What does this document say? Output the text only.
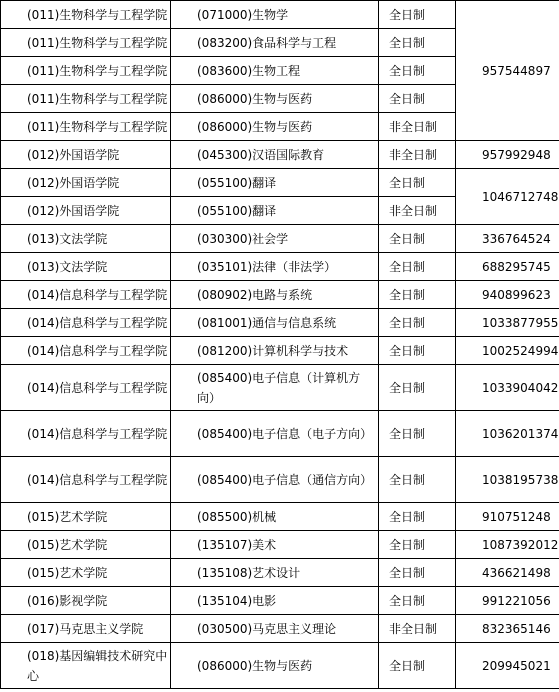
(011)生物科学与工程学院	(071000)生物学	全日制	957544897
(011)生物科学与工程学院	(083200)食品科学与工程	全日制	
(011)生物科学与工程学院	(083600)生物工程	全日制	
(011)生物科学与工程学院	(086000)生物与医药	全日制	
(011)生物科学与工程学院	(086000)生物与医药	非全日制	
(012)外国语学院	(045300)汉语国际教育	非全日制	957992948
(012)外国语学院	(055100)翻译	全日制	1046712748
(012)外国语学院	(055100)翻译	非全日制	
(013)文法学院	(030300)社会学	全日制	336764524
(013)文法学院	(035101)法律（非法学）	全日制	688295745
(014)信息科学与工程学院	(080902)电路与系统	全日制	940899623
(014)信息科学与工程学院	(081001)通信与信息系统	全日制	1033877955
(014)信息科学与工程学院	(081200)计算机科学与技术	全日制	1002524994
(014)信息科学与工程学院	(085400)电子信息（计算机方向）	全日制	1033904042
(014)信息科学与工程学院	(085400)电子信息（电子方向）	全日制	1036201374
(014)信息科学与工程学院	(085400)电子信息（通信方向）	全日制	1038195738
(015)艺术学院	(085500)机械	全日制	910751248
(015)艺术学院	(135107)美术	全日制	1087392012
(015)艺术学院	(135108)艺术设计	全日制	436621498
(016)影视学院	(135104)电影	全日制	991221056
(017)马克思主义学院	(030500)马克思主义理论	非全日制	832365146
(018)基因编辑技术研究中心	(086000)生物与医药	全日制	209945021
